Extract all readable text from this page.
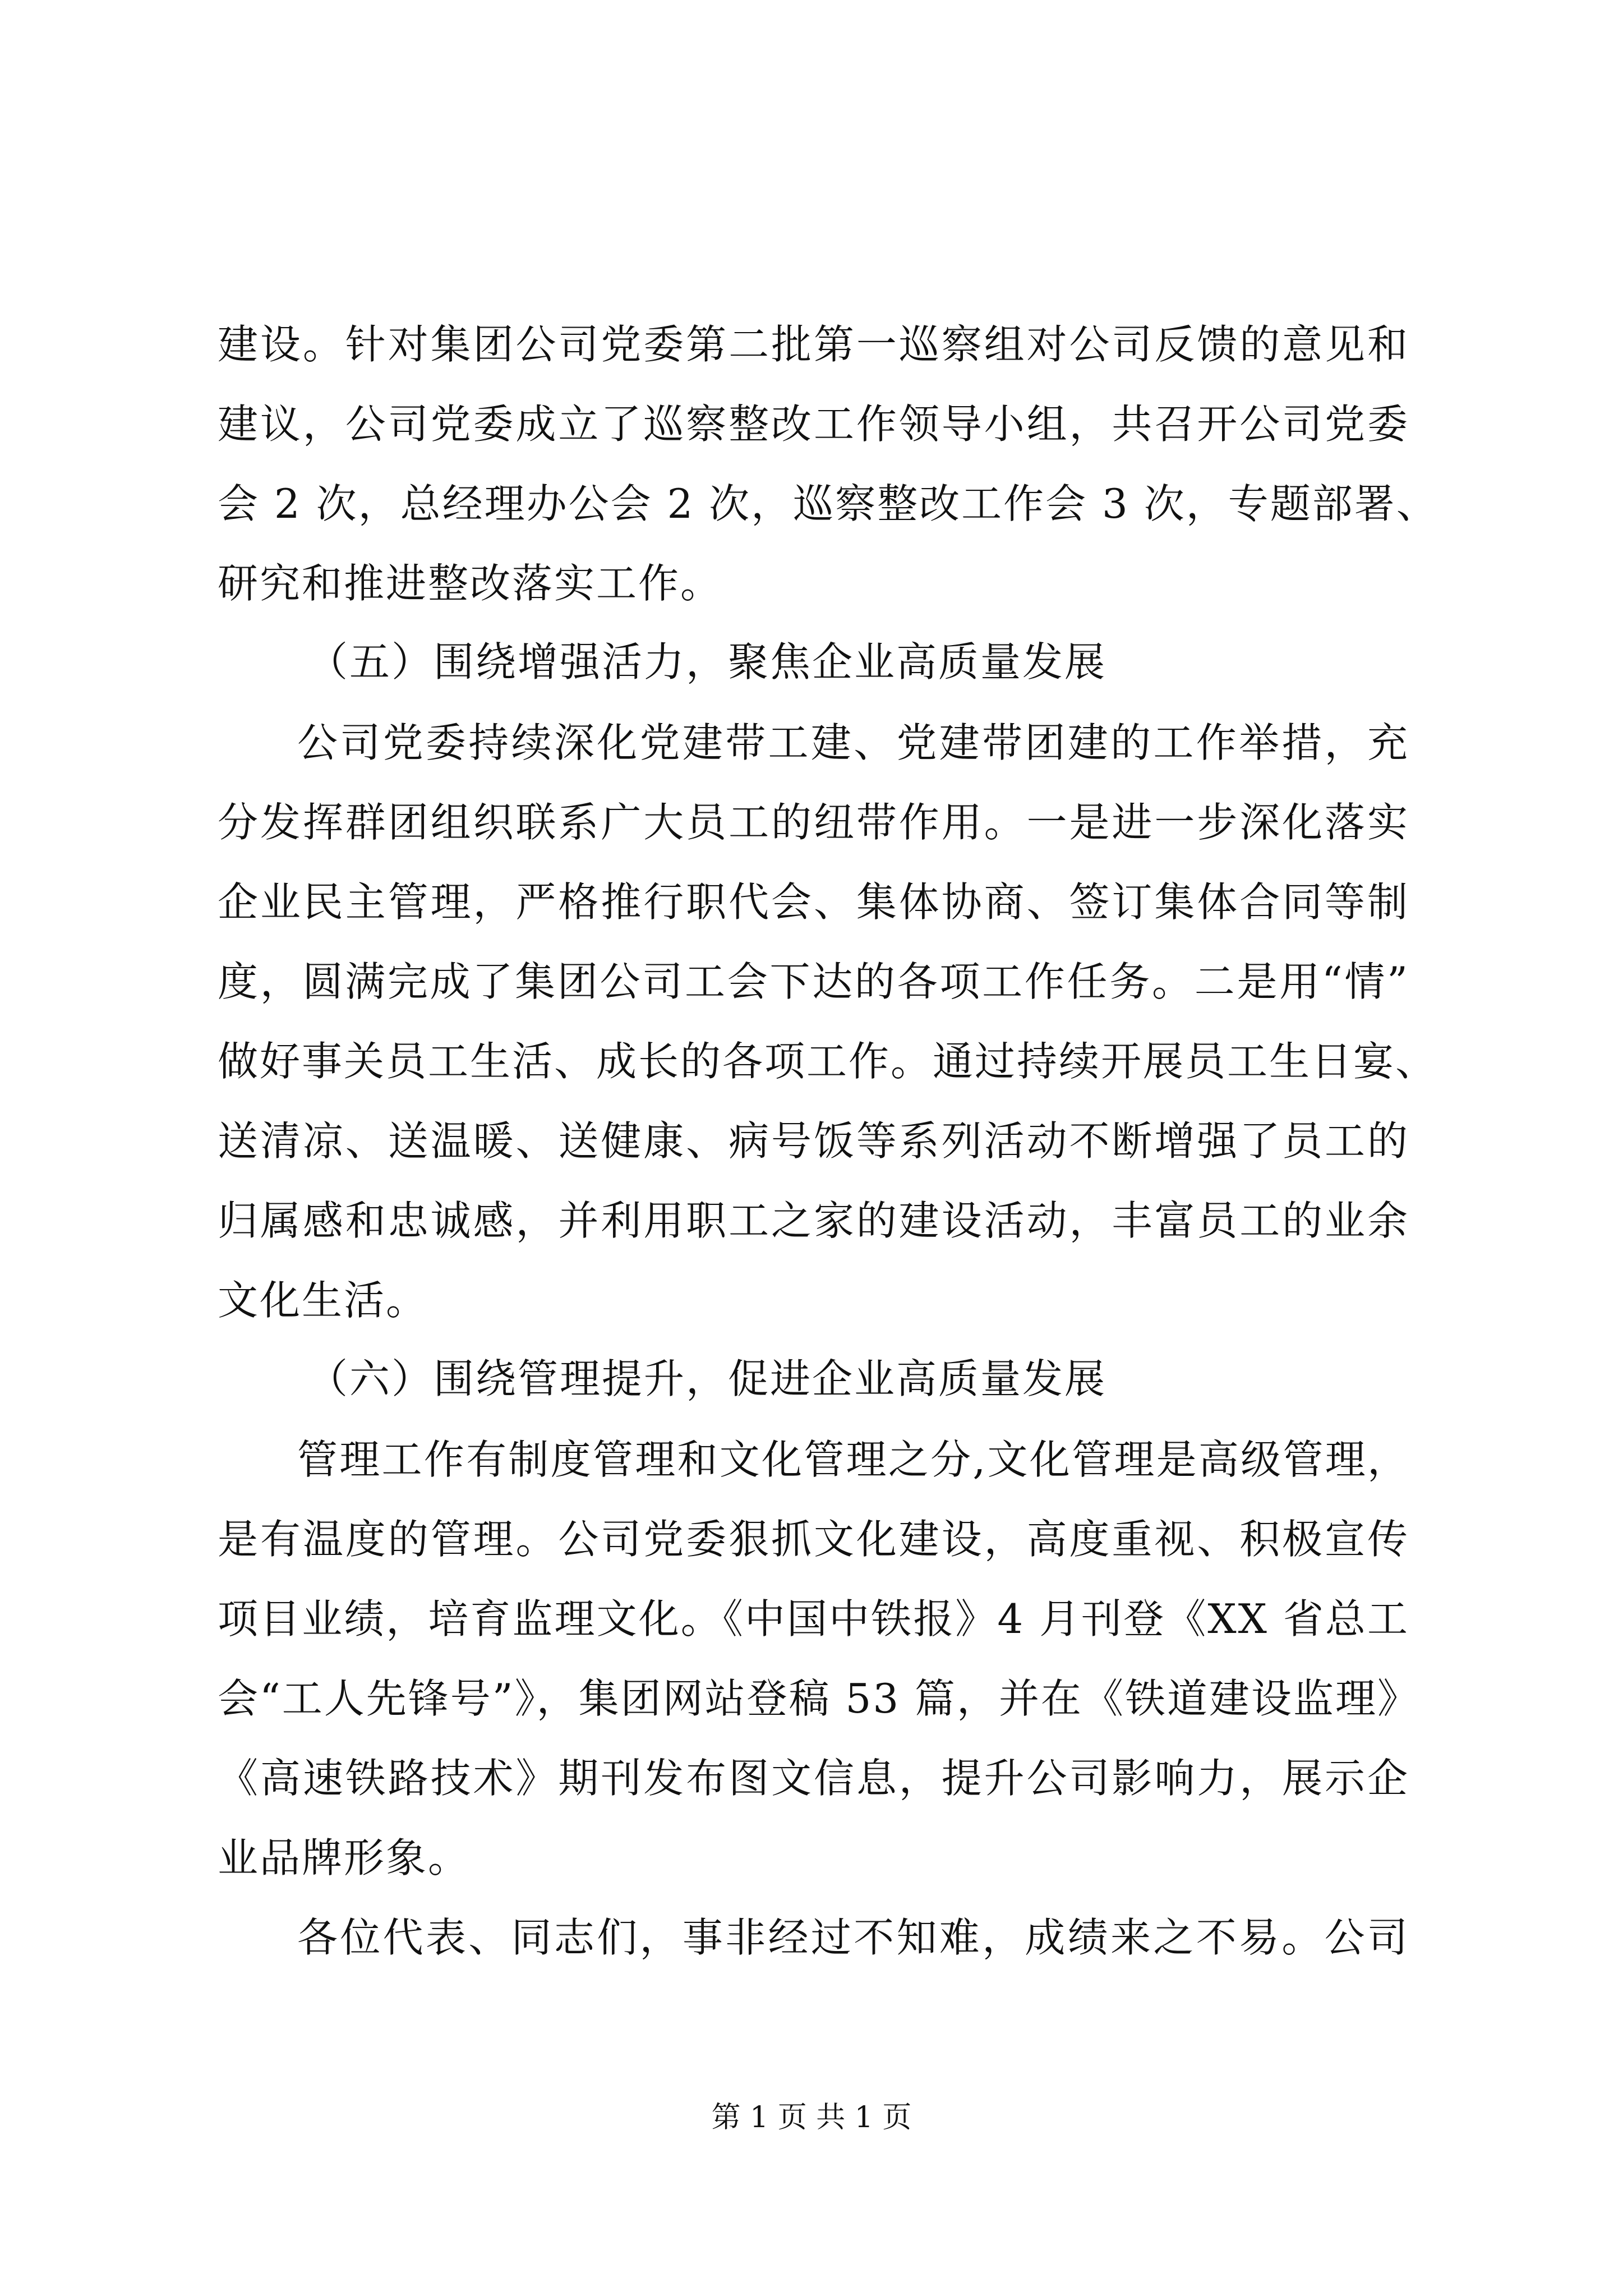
建设。针对集团公司党委第二批第一巡察组对公司反馈的意见和
建议，公司党委成立了巡察整改工作领导小组，共召开公司党委
会 2 次，总经理办公会 2 次，巡察整改工作会 3 次，专题部署、
研究和推进整改落实工作。
（五）围绕增强活力，聚焦企业高质量发展
公司党委持续深化党建带工建、党建带团建的工作举措，充
分发挥群团组织联系广大员工的纽带作用。一是进一步深化落实
企业民主管理，严格推行职代会、集体协商、签订集体合同等制
度，圆满完成了集团公司工会下达的各项工作任务。二是用“情”
做好事关员工生活、成长的各项工作。通过持续开展员工生日宴、
送清凉、送温暖、送健康、病号饭等系列活动不断增强了员工的
归属感和忠诚感，并利用职工之家的建设活动，丰富员工的业余
文化生活。
（六）围绕管理提升，促进企业高质量发展
管理工作有制度管理和文化管理之分,文化管理是高级管理，
是有温度的管理。公司党委狠抓文化建设，高度重视、积极宣传
项目业绩，培育监理文化。《中国中铁报》4 月刊登《XX 省总工
会“工人先锋号”》，集团网站登稿 53 篇，并在《铁道建设监理》
《高速铁路技术》期刊发布图文信息，提升公司影响力，展示企
业品牌形象。
各位代表、同志们，事非经过不知难，成绩来之不易。公司
第 1 页 共 1 页
